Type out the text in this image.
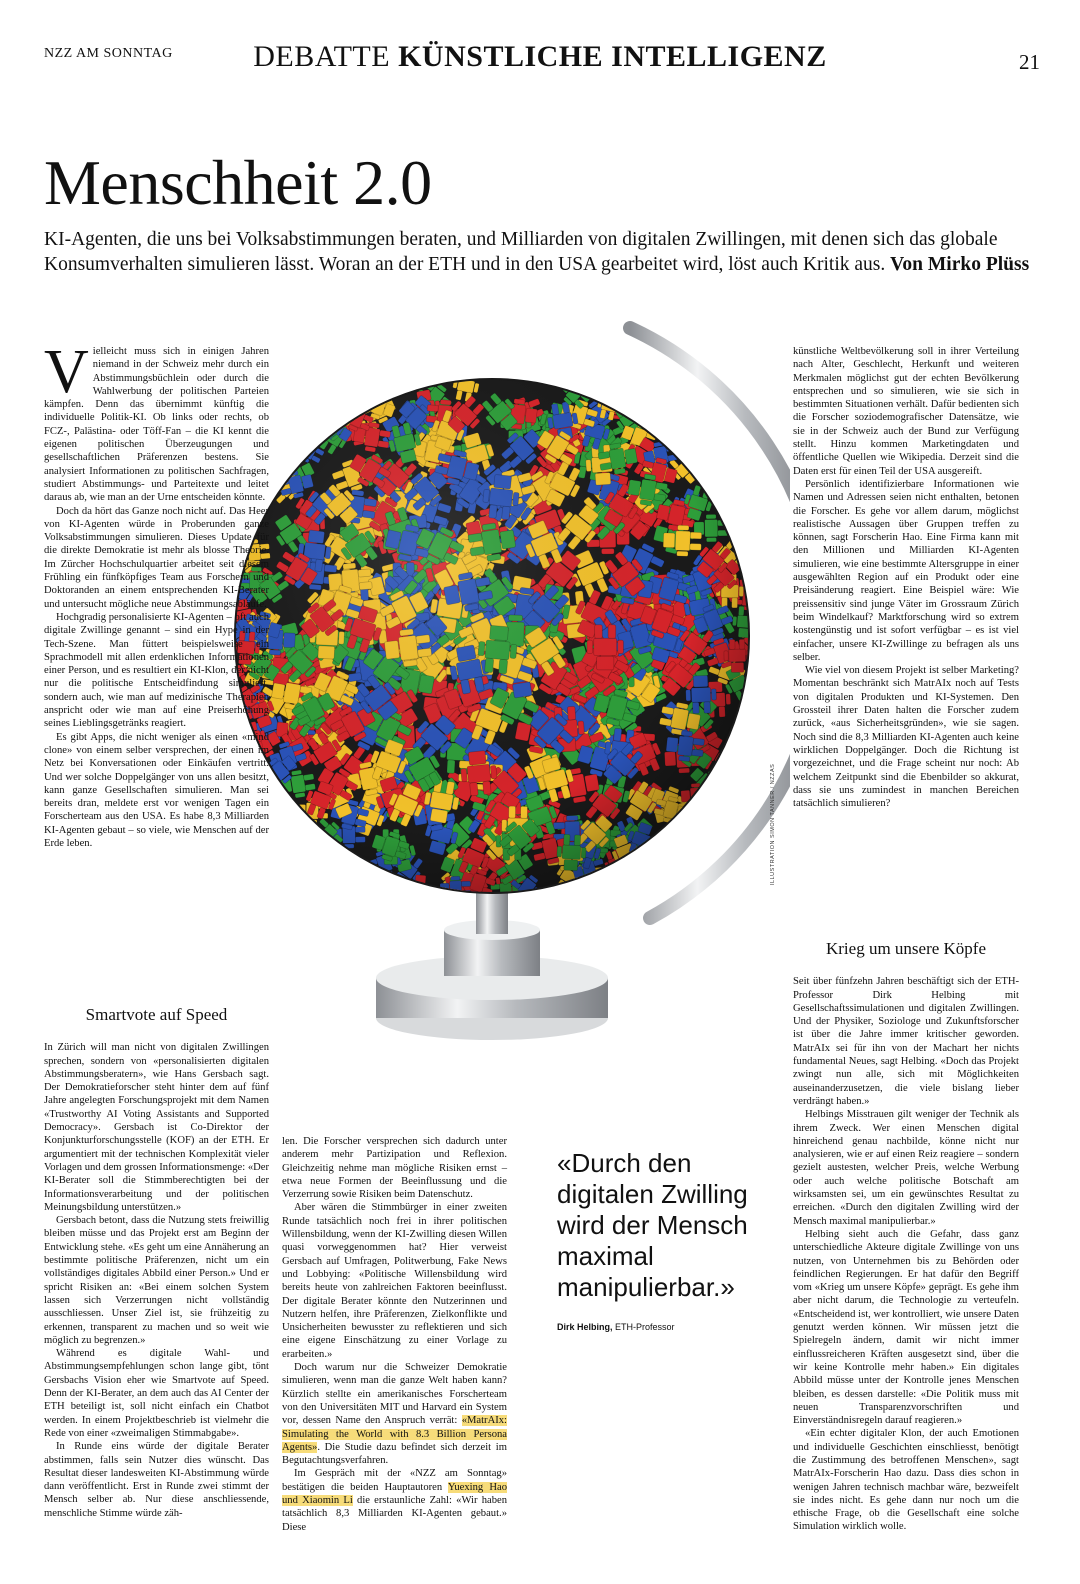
NZZ AM SONNTAG	DEBATTE KÜNSTLICHE INTELLIGENZ	21
Menschheit 2.0

KI-Agenten, die uns bei Volksabstimmungen beraten, und Milliarden von digitalen Zwillingen, mit denen sich das globale Konsumverhalten simulieren lässt. Woran an der ETH und in den USA gearbeitet wird, löst auch Kritik aus. Von Mirko Plüss

ILLUSTRATION SIMON TANNER / NZZAS

Vielleicht muss sich in einigen Jahren niemand in der Schweiz mehr durch ein Abstimmungsbüchlein oder durch die Wahlwerbung der politischen Parteien kämpfen. Denn das übernimmt künftig die individuelle Politik-KI. Ob links oder rechts, ob FCZ-, Palästina- oder Töff-Fan – die KI kennt die eigenen politischen Überzeugungen und gesellschaftlichen Präferenzen bestens. Sie analysiert Informationen zu politischen Sachfragen, studiert Abstimmungs- und Parteitexte und leitet daraus ab, wie man an der Urne entscheiden könnte.

Doch da hört das Ganze noch nicht auf. Das Heer von KI-Agenten würde in Proberunden ganze Volksabstimmungen simulieren. Dieses Update für die direkte Demokratie ist mehr als blosse Theorie. Im Zürcher Hochschulquartier arbeitet seit diesem Frühling ein fünfköpfiges Team aus Forschern und Doktoranden an einem entsprechenden KI-Berater und untersucht mögliche neue Abstimmungsabläufe.

Hochgradig personalisierte KI-Agenten – oft auch digitale Zwillinge genannt – sind ein Hype in der Tech-Szene. Man füttert beispielsweise ein Sprachmodell mit allen erdenklichen Informationen einer Person, und es resultiert ein KI-Klon, der nicht nur die politische Entscheidfindung simuliert, sondern auch, wie man auf medizinische Therapien anspricht oder wie man auf eine Preiserhöhung seines Lieblingsgetränks reagiert.

Es gibt Apps, die nicht weniger als einen «mind clone» von einem selber versprechen, der einen im Netz bei Konversationen oder Einkäufen vertritt. Und wer solche Doppelgänger von uns allen besitzt, kann ganze Gesellschaften simulieren. Man sei bereits dran, meldete erst vor wenigen Tagen ein Forscherteam aus den USA. Es habe 8,3 Milliarden KI-Agenten gebaut – so viele, wie Menschen auf der Erde leben.

Smartvote auf Speed

In Zürich will man nicht von digitalen Zwillingen sprechen, sondern von «personalisierten digitalen Abstimmungsberatern», wie Hans Gersbach sagt. Der Demokratieforscher steht hinter dem auf fünf Jahre angelegten Forschungsprojekt mit dem Namen «Trustworthy AI Voting Assistants and Supported Democracy». Gersbach ist Co-Direktor der Konjunkturforschungsstelle (KOF) an der ETH. Er argumentiert mit der technischen Komplexität vieler Vorlagen und dem grossen Informationsmenge: «Der KI-Berater soll die Stimmberechtigten bei der Informationsverarbeitung und der politischen Meinungsbildung unterstützen.»

Gersbach betont, dass die Nutzung stets freiwillig bleiben müsse und das Projekt erst am Beginn der Entwicklung stehe. «Es geht um eine Annäherung an bestimmte politische Präferenzen, nicht um ein vollständiges digitales Abbild einer Person.» Und er spricht Risiken an: «Bei einem solchen System lassen sich Verzerrungen nicht vollständig ausschliessen. Unser Ziel ist, sie frühzeitig zu erkennen, transparent zu machen und so weit wie möglich zu begrenzen.»

Während es digitale Wahl- und Abstimmungsempfehlungen schon lange gibt, tönt Gersbachs Vision eher wie Smartvote auf Speed. Denn der KI-Berater, an dem auch das AI Center der ETH beteiligt ist, soll nicht einfach ein Chatbot werden. In einem Projektbeschrieb ist vielmehr die Rede von einer «zweimaligen Stimmabgabe».

In Runde eins würde der digitale Berater abstimmen, falls sein Nutzer dies wünscht. Das Resultat dieser landesweiten KI-Abstimmung würde dann veröffentlicht. Erst in Runde zwei stimmt der Mensch selber ab. Nur diese anschliessende, menschliche Stimme würde zäh-

len. Die Forscher versprechen sich dadurch unter anderem mehr Partizipation und Reflexion. Gleichzeitig nehme man mögliche Risiken ernst – etwa neue Formen der Beeinflussung und die Verzerrung sowie Risiken beim Datenschutz.

Aber wären die Stimmbürger in einer zweiten Runde tatsächlich noch frei in ihrer politischen Willensbildung, wenn der KI-Zwilling diesen Willen quasi vorweggenommen hat? Hier verweist Gersbach auf Umfragen, Politwerbung, Fake News und Lobbying: «Politische Willensbildung wird bereits heute von zahlreichen Faktoren beeinflusst. Der digitale Berater könnte den Nutzerinnen und Nutzern helfen, ihre Präferenzen, Zielkonflikte und Unsicherheiten bewusster zu reflektieren und sich eine eigene Einschätzung zu einer Vorlage zu erarbeiten.»

Doch warum nur die Schweizer Demokratie simulieren, wenn man die ganze Welt haben kann? Kürzlich stellte ein amerikanisches Forscherteam von den Universitäten MIT und Harvard ein System vor, dessen Name den Anspruch verrät: «MatrAIx: Simulating the World with 8.3 Billion Persona Agents». Die Studie dazu befindet sich derzeit im Begutachtungsverfahren.

Im Gespräch mit der «NZZ am Sonntag» bestätigen die beiden Hauptautoren Yuexing Hao und Xiaomin Li die erstaunliche Zahl: «Wir haben tatsächlich 8,3 Milliarden KI-Agenten gebaut.» Diese

«Durch den digitalen Zwilling wird der Mensch maximal manipulierbar.»

Dirk Helbing, ETH-Professor

künstliche Weltbevölkerung soll in ihrer Verteilung nach Alter, Geschlecht, Herkunft und weiteren Merkmalen möglichst gut der echten Bevölkerung entsprechen und so simulieren, wie sie sich in bestimmten Situationen verhält. Dafür bedienten sich die Forscher soziodemografischer Datensätze, wie sie in der Schweiz auch der Bund zur Verfügung stellt. Hinzu kommen Marketingdaten und öffentliche Quellen wie Wikipedia. Derzeit sind die Daten erst für einen Teil der USA ausgereift.

Persönlich identifizierbare Informationen wie Namen und Adressen seien nicht enthalten, betonen die Forscher. Es gehe vor allem darum, möglichst realistische Aussagen über Gruppen treffen zu können, sagt Forscherin Hao. Eine Firma kann mit den Millionen und Milliarden KI-Agenten simulieren, wie eine bestimmte Altersgruppe in einer ausgewählten Region auf ein Produkt oder eine Preisänderung reagiert. Eine Beispiel wäre: Wie preissensitiv sind junge Väter im Grossraum Zürich beim Windelkauf? Marktforschung wird so extrem kostengünstig und ist sofort verfügbar – es ist viel einfacher, unsere KI-Zwillinge zu befragen als uns selber.

Wie viel von diesem Projekt ist selber Marketing? Momentan beschränkt sich MatrAIx noch auf Tests von digitalen Produkten und KI-Systemen. Den Grossteil ihrer Daten halten die Forscher zudem zurück, «aus Sicherheitsgründen», wie sie sagen. Noch sind die 8,3 Milliarden KI-Agenten auch keine wirklichen Doppelgänger. Doch die Richtung ist vorgezeichnet, und die Frage scheint nur noch: Ab welchem Zeitpunkt sind die Ebenbilder so akkurat, dass sie uns zumindest in manchen Bereichen tatsächlich simulieren?

Krieg um unsere Köpfe

Seit über fünfzehn Jahren beschäftigt sich der ETH-Professor Dirk Helbing mit Gesellschaftssimulationen und digitalen Zwillingen. Und der Physiker, Soziologe und Zukunftsforscher ist über die Jahre immer kritischer geworden. MatrAIx sei für ihn von der Machart her nichts fundamental Neues, sagt Helbing. «Doch das Projekt zwingt nun alle, sich mit Möglichkeiten auseinanderzusetzen, die viele bislang lieber verdrängt haben.»

Helbings Misstrauen gilt weniger der Technik als ihrem Zweck. Wer einen Menschen digital hinreichend genau nachbilde, könne nicht nur analysieren, wie er auf einen Reiz reagiere – sondern gezielt austesten, welcher Preis, welche Werbung oder auch welche politische Botschaft am wirksamsten sei, um ein gewünschtes Resultat zu erreichen. «Durch den digitalen Zwilling wird der Mensch maximal manipulierbar.»

Helbing sieht auch die Gefahr, dass ganz unterschiedliche Akteure digitale Zwillinge von uns nutzen, von Unternehmen bis zu Behörden oder feindlichen Regierungen. Er hat dafür den Begriff vom «Krieg um unsere Köpfe» geprägt. Es gehe ihm aber nicht darum, die Technologie zu verteufeln. «Entscheidend ist, wer kontrolliert, wie unsere Daten genutzt werden können. Wir müssen jetzt die Spielregeln ändern, damit wir nicht immer einflussreicheren Kräften ausgesetzt sind, über die wir keine Kontrolle mehr haben.» Ein digitales Abbild müsse unter der Kontrolle jenes Menschen bleiben, es dessen darstelle: «Die Politik muss mit neuen Transparenzvorschriften und Einverständnisregeln darauf reagieren.»

«Ein echter digitaler Klon, der auch Emotionen und individuelle Geschichten einschliesst, benötigt die Zustimmung des betroffenen Menschen», sagt MatrAIx-Forscherin Hao dazu. Dass dies schon in wenigen Jahren technisch machbar wäre, bezweifelt sie indes nicht. Es gehe dann nur noch um die ethische Frage, ob die Gesellschaft eine solche Simulation wirklich wolle.
